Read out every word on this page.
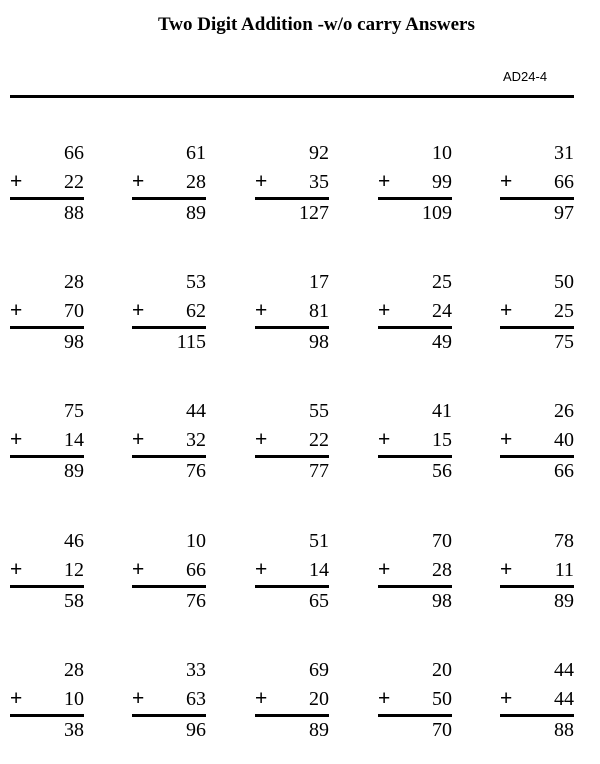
Two Digit Addition -w/o carry Answers
AD24-4
66
+ 22
88
61
+ 28
89
92
+ 35
127
10
+ 99
109
31
+ 66
97
28
+ 70
98
53
+ 62
115
17
+ 81
98
25
+ 24
49
50
+ 25
75
75
+ 14
89
44
+ 32
76
55
+ 22
77
41
+ 15
56
26
+ 40
66
46
+ 12
58
10
+ 66
76
51
+ 14
65
70
+ 28
98
78
+ 11
89
28
+ 10
38
33
+ 63
96
69
+ 20
89
20
+ 50
70
44
+ 44
88
